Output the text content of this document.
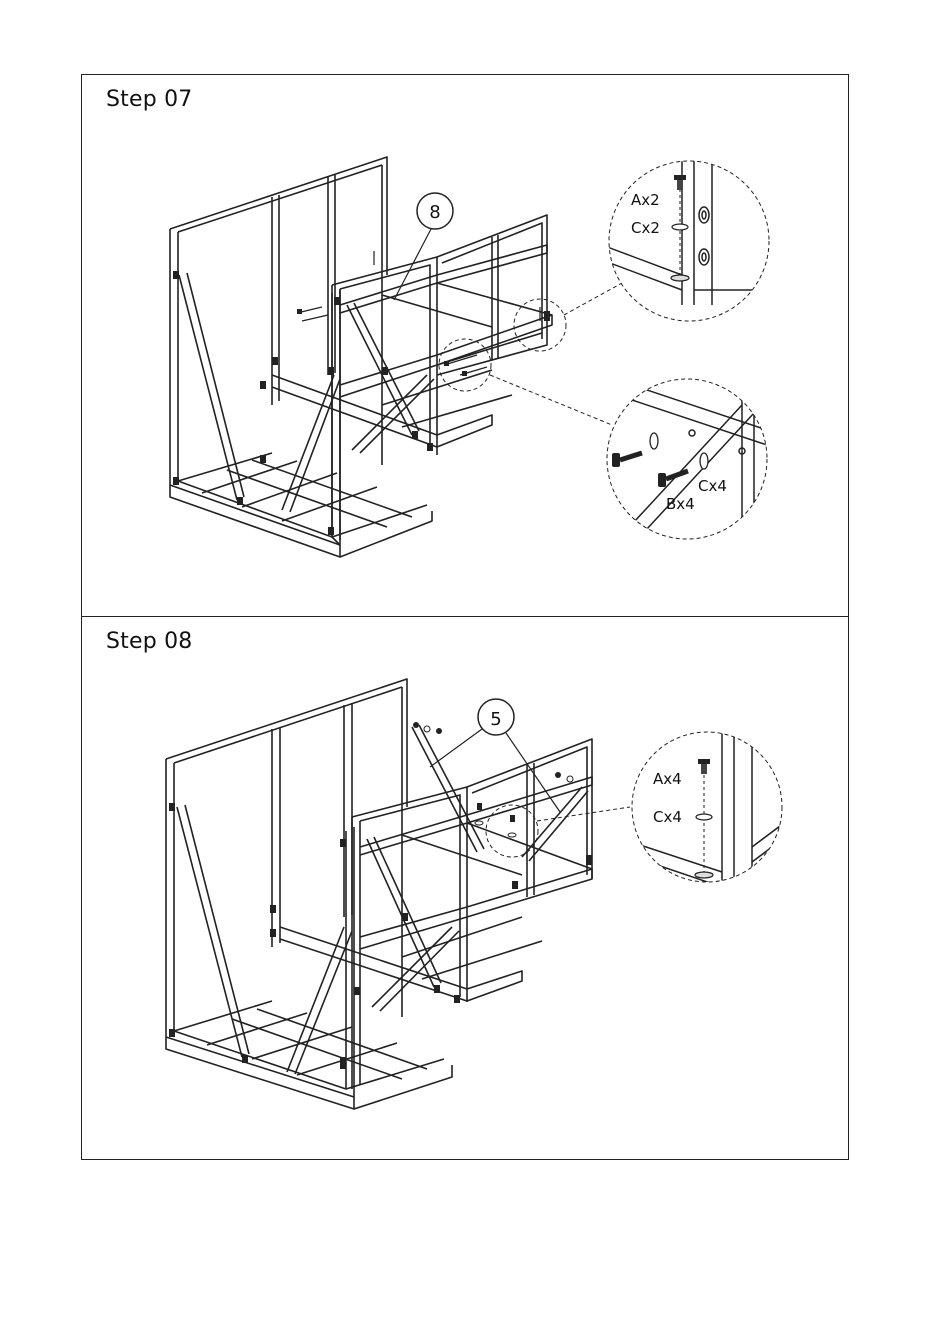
Step 07
8
Ax2
Cx2
Cx4
Bx4
Step 08
5
Ax4
Cx4
